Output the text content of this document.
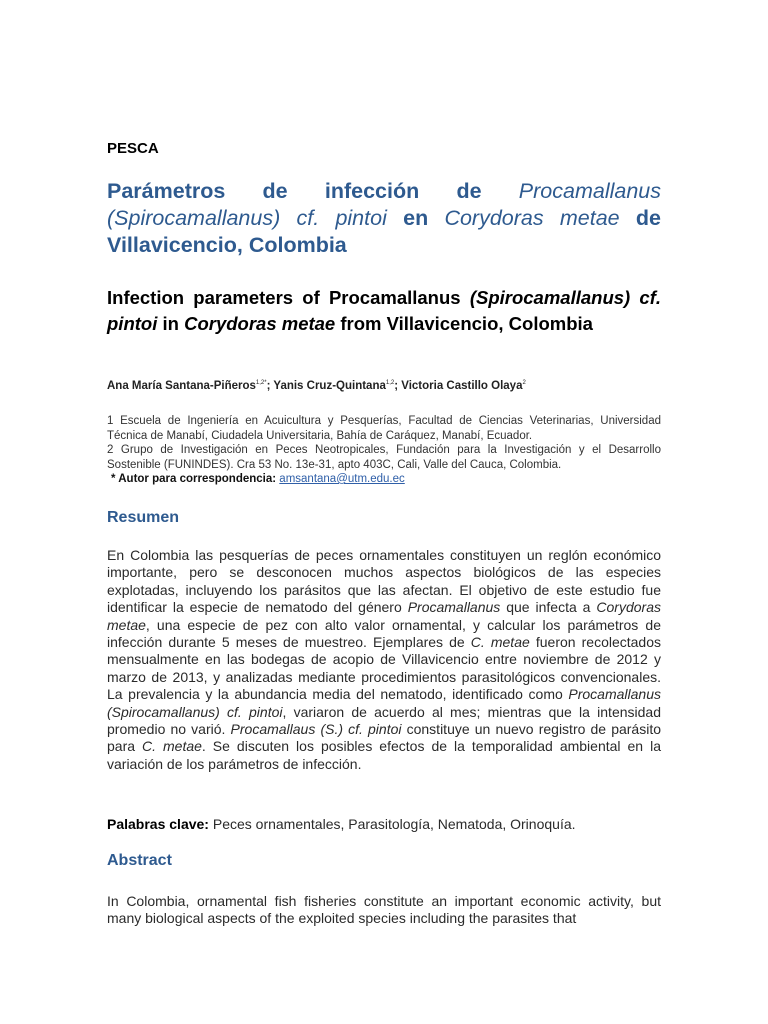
PESCA
Parámetros de infección de Procamallanus (Spirocamallanus) cf. pintoi en Corydoras metae de Villavicencio, Colombia
Infection parameters of Procamallanus (Spirocamallanus) cf. pintoi in Corydoras metae from Villavicencio, Colombia
Ana María Santana-Piñeros$^{1,2*}$; Yanis Cruz-Quintana$^{1,2}$; Victoria Castillo Olaya$^2$

1 Escuela de Ingeniería en Acuicultura y Pesquerías, Facultad de Ciencias Veterinarias, Universidad Técnica de Manabí, Ciudadela Universitaria, Bahía de Caráquez, Manabí, Ecuador.

2 Grupo de Investigación en Peces Neotropicales, Fundación para la Investigación y el Desarrollo Sostenible (FUNINDES). Cra 53 No. 13e-31, apto 403C, Cali, Valle del Cauca, Colombia.

* Autor para correspondencia: amsantana@utm.edu.ec

Resumen
En Colombia las pesquerías de peces ornamentales constituyen un reglón económico importante, pero se desconocen muchos aspectos biológicos de las especies explotadas, incluyendo los parásitos que las afectan. El objetivo de este estudio fue identificar la especie de nematodo del género Procamallanus que infecta a Corydoras metae, una especie de pez con alto valor ornamental, y calcular los parámetros de infección durante 5 meses de muestreo. Ejemplares de C. metae fueron recolectados mensualmente en las bodegas de acopio de Villavicencio entre noviembre de 2012 y marzo de 2013, y analizadas mediante procedimientos parasitológicos convencionales. La prevalencia y la abundancia media del nematodo, identificado como Procamallanus (Spirocamallanus) cf. pintoi, variaron de acuerdo al mes; mientras que la intensidad promedio no varió. Procamallaus (S.) cf. pintoi constituye un nuevo registro de parásito para C. metae. Se discuten los posibles efectos de la temporalidad ambiental en la variación de los parámetros de infección.
Palabras clave: Peces ornamentales, Parasitología, Nematoda, Orinoquía.
Abstract
In Colombia, ornamental fish fisheries constitute an important economic activity, but many biological aspects of the exploited species including the parasites that
